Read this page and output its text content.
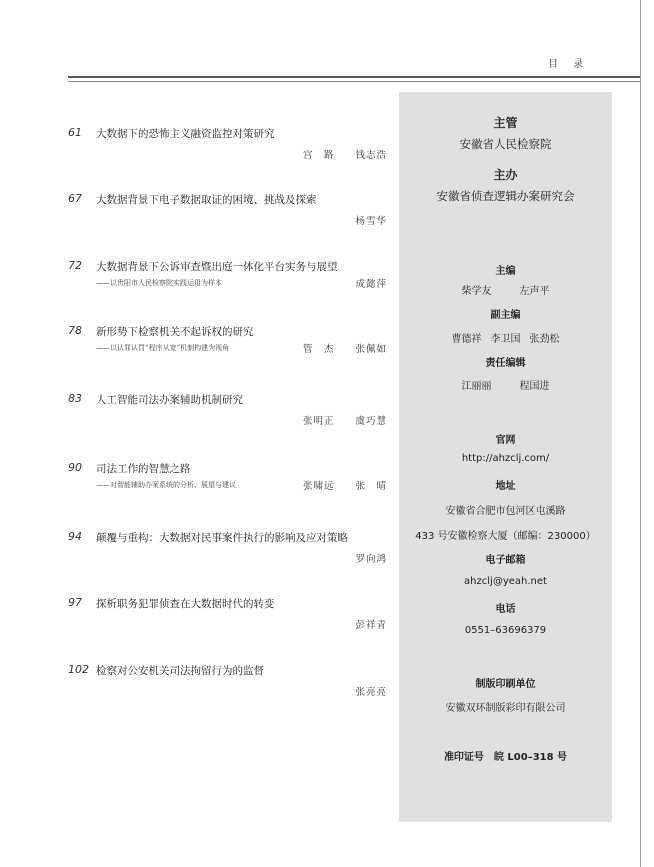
目 录
61 大数据下的恐怖主义融资监控对策研究
宫　路　　钱志浩
67 大数据背景下电子数据取证的困境、挑战及探索
杨雪华
72 大数据背景下公诉审查暨出庭一体化平台实务与展望
——以贵阳市人民检察院实践运用为样本	成懿萍
78 新形势下检察机关不起诉权的研究
——以认罪认罚“程序从宽”机制构建为视角	管　杰　　张佩如
83 人工智能司法办案辅助机制研究
张明正　　虞巧慧
90 司法工作的智慧之路
——对智能辅助办案系统的分析、展望与建议	张啸远　　张　晴
94 颠覆与重构：大数据对民事案件执行的影响及应对策略
罗向鸿
97 探析职务犯罪侦查在大数据时代的转变
彭祥青
102 检察对公安机关司法拘留行为的监督
张亮亮
主管
安徽省人民检察院
主办
安徽省侦查逻辑办案研究会
主编
柴学友	左声平
副主编
曹德祥 李卫国 张劲松
责任编辑
江丽丽	程国进
官网
http://ahzclj.com/
地址
安徽省合肥市包河区屯溪路
433 号安徽检察大厦（邮编：230000）
电子邮箱
ahzclj@yeah.net
电话
0551–63696379
制版印刷单位
安徽双环制版彩印有限公司
准印证号　皖 L00–318 号
